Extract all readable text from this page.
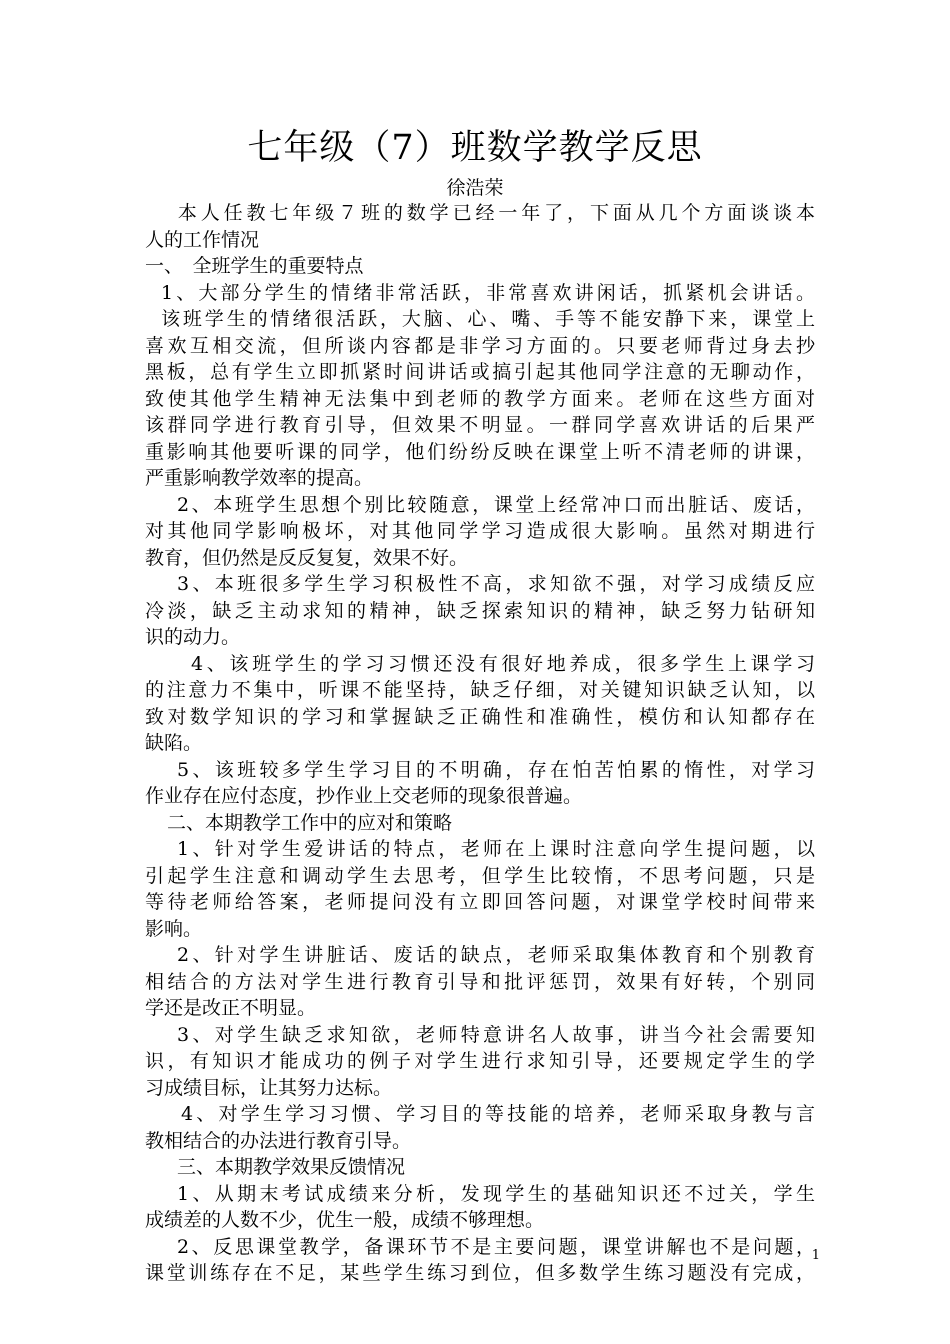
七年级（7）班数学教学反思
徐浩荣
　 本人任教七年级７班的数学已经一年了，下面从几个方面谈谈本
人的工作情况
一、　全班学生的重要特点
1、大部分学生的情绪非常活跃，非常喜欢讲闲话，抓紧机会讲话。
该班学生的情绪很活跃，大脑、心、嘴、手等不能安静下来，课堂上
喜欢互相交流，但所谈内容都是非学习方面的。只要老师背过身去抄
黑板，总有学生立即抓紧时间讲话或搞引起其他同学注意的无聊动作，
致使其他学生精神无法集中到老师的教学方面来。老师在这些方面对
该群同学进行教育引导，但效果不明显。一群同学喜欢讲话的后果严
重影响其他要听课的同学，他们纷纷反映在课堂上听不清老师的讲课，
严重影响教学效率的提高。
2、本班学生思想个别比较随意，课堂上经常冲口而出脏话、废话，
对其他同学影响极坏，对其他同学学习造成很大影响。虽然对期进行
教育，但仍然是反反复复，效果不好。
3、本班很多学生学习积极性不高，求知欲不强，对学习成绩反应
冷淡，缺乏主动求知的精神，缺乏探索知识的精神，缺乏努力钻研知
识的动力。
4、该班学生的学习习惯还没有很好地养成，很多学生上课学习
的注意力不集中，听课不能坚持，缺乏仔细，对关键知识缺乏认知，以
致对数学知识的学习和掌握缺乏正确性和准确性，模仿和认知都存在
缺陷。
5、该班较多学生学习目的不明确，存在怕苦怕累的惰性，对学习
作业存在应付态度，抄作业上交老师的现象很普遍。
二、本期教学工作中的应对和策略
1、针对学生爱讲话的特点，老师在上课时注意向学生提问题，以
引起学生注意和调动学生去思考，但学生比较惰，不思考问题，只是
等待老师给答案，老师提问没有立即回答问题，对课堂学校时间带来
影响。
2、针对学生讲脏话、废话的缺点，老师采取集体教育和个别教育
相结合的方法对学生进行教育引导和批评惩罚，效果有好转，个别同
学还是改正不明显。
3、对学生缺乏求知欲，老师特意讲名人故事，讲当今社会需要知
识，有知识才能成功的例子对学生进行求知引导，还要规定学生的学
习成绩目标，让其努力达标。
4、对学生学习习惯、学习目的等技能的培养，老师采取身教与言
教相结合的办法进行教育引导。
三、本期教学效果反馈情况
1、从期末考试成绩来分析，发现学生的基础知识还不过关，学生
成绩差的人数不少，优生一般，成绩不够理想。
2、反思课堂教学，备课环节不是主要问题，课堂讲解也不是问题，
课堂训练存在不足，某些学生练习到位，但多数学生练习题没有完成，
1
